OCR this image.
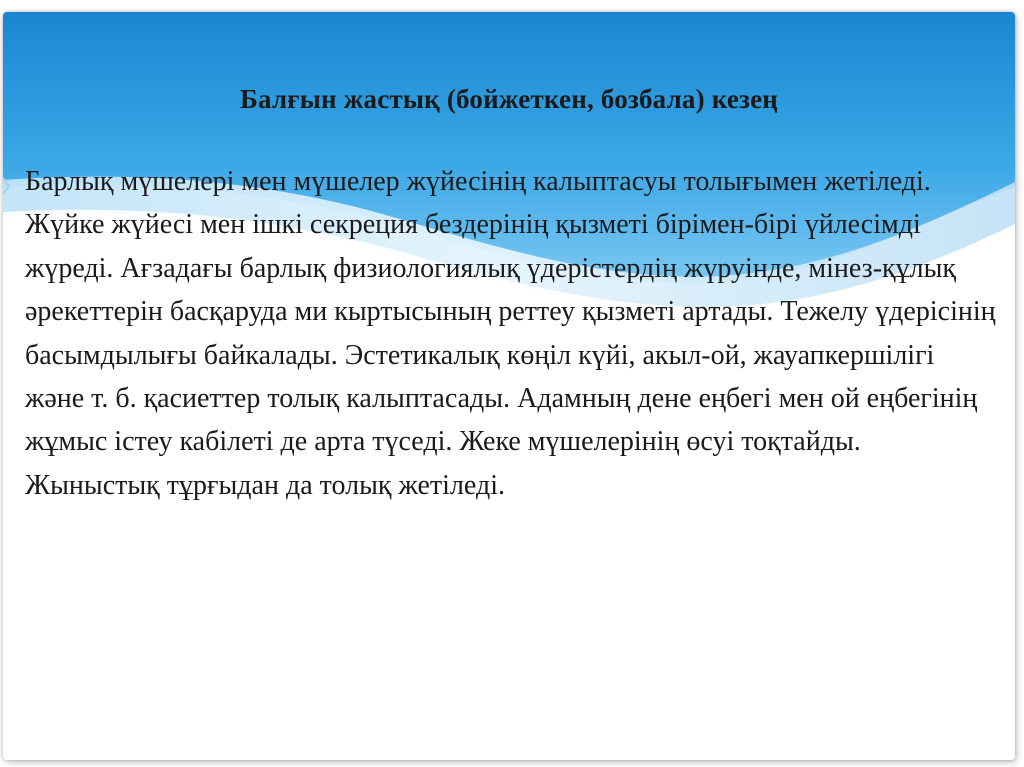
Балғын жастық (бойжеткен, бозбала) кезең

Барлық мүшелері мен мүшелер жүйесінің калыптасуы толығымен жетіледі. Жүйке жүйесі мен ішкі секреция бездерінің қызметі бірімен-бірі үйлесімді жүреді. Ағзадағы барлық физиологиялық үдерістердің жүруінде, мінез-құлық әрекеттерін басқаруда ми кыртысының реттеу қызметі артады. Тежелу үдерісінің басымдылығы байкалады. Эстетикалық көңіл күйі, акыл-ой, жауапкершілігі және т. б. қасиеттер толық калыптасады. Адамның дене еңбегі мен ой еңбегінің жұмыс істеу кабілеті де арта түседі. Жеке мүшелерінің өсуі тоқтайды. Жыныстық тұрғыдан да толық жетіледі.
